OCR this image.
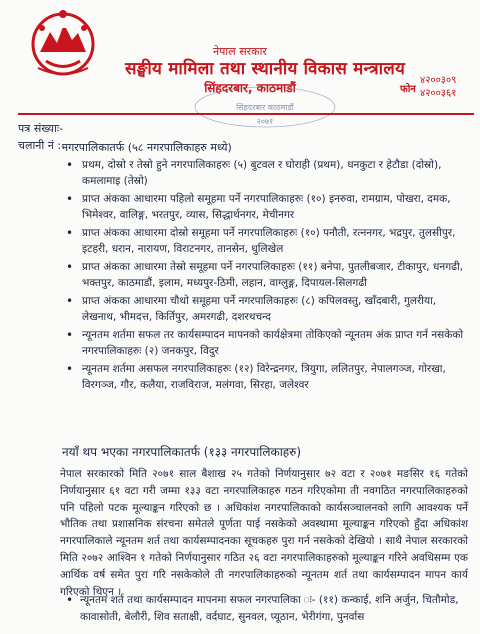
नेपाल सरकार
सङ्घीय मामिला तथा स्थानीय विकास मन्त्रालय
सिंहदरबार, काठमाडौं
सिंहदरबार काठमाडौं
२०७१
फोन
४२००३०९
४२००३६१
पत्र संख्याः-
चलानी नं :-
नगरपालिकातर्फ (५८ नगरपालिकाहरु मध्ये)
• प्रथम, दोस्रो र तेस्रो हुने नगरपालिकाहरुः (५) बुटवल र घोराही (प्रथम), धनकुटा र हेटौडा (दोस्रो), कमलामाइ (तेस्रो)
• प्राप्त अंकका आधारमा पहिलो समूहमा पर्ने नगरपालिकाहरुः (१०) इनरुवा, रामग्राम, पोखरा, दमक, भिमेश्वर, वालिङ्ग, भरतपुर, व्यास, सिद्धार्थनगर, मेचीनगर
• प्राप्त अंकका आधारमा दोस्रो समूहमा पर्ने नगरपालिकाहरुः (१०) पनौती, रत्ननगर, भद्रपुर, तुलसीपुर, इटहरी, धरान, नारायण, विराटनगर, तानसेन, धुलिखेल
• प्राप्त अंकका आधारमा तेस्रो समूहमा पर्ने नगरपालिकाहरुः (११) बनेपा, पुतलीबजार, टीकापुर, धनगढी, भक्तपुर, काठमाडौं, इलाम, मध्यपुर-ठिमी, लहान, वाग्लुङ्ग, दिपायल-सिलगढी
• प्राप्त अंकका आधारमा चौथो समूहमा पर्ने नगरपालिकाहरुः (८) कपिलवस्तु, खाँदबारी, गुलरीया, लेखनाथ, भीमदत्त, किर्तिपुर, अमरगढी, दशरथचन्द
• न्यूनतम शर्तमा सफल तर कार्यसम्पादन मापनको कार्यक्षेत्रमा तोकिएको न्यूनतम अंक प्राप्त गर्न नसकेको नगरपालिकाहरुः (२) जनकपुर, विदुर
• न्यूनतम शर्तमा असफल नगरपालिकाहरुः (१२) विरेन्द्रनगर, त्रियुगा, ललितपुर, नेपालगञ्ज, गोरखा, विरगञ्ज, गौर, कलैया, राजविराज, मलंगवा, सिरहा, जलेश्वर
नयाँ थप भएका नगरपालिकातर्फ (१३३ नगरपालिकाहरु)

नेपाल सरकारको मिति २०७१ साल बैशाख २५ गतेको निर्णयानुसार ७२ वटा र २०७१ मङसिर १६ गतेको निर्णयानुसार ६१ वटा गरी जम्मा १३३ वटा नगरपालिकाहरु गठन गरिएकोमा ती नवगठित नगरपालिकाहरुको पनि पहिलो पटक मूल्याङ्कन गरिएको छ । अधिकांश नगरपालिकाको कार्यसञ्चालनको लागि आवश्यक पर्ने भौतिक तथा प्रशासनिक संरचना समेतले पूर्णता पाई नसकेको अवस्थामा मूल्याङ्कन गरिएको हुँदा अधिकांश नगरपालिकाले न्यूनतम शर्त तथा कार्यसम्पादनका सूचकहरु पुरा गर्न नसकेको देखियो । साथै नेपाल सरकारको मिति २०७२ आश्विन १ गतेको निर्णयानुसार गठित २६ वटा नगरपालिकाहरुको मूल्याङ्कन गरिने अवधिसम्म एक आर्थिक वर्ष समेत पुरा गरि नसकेकोले ती नगरपालिकाहरुको न्यूनतम शर्त तथा कार्यसम्पादन मापन कार्य गरिएको थिएन ।

• न्यूनतम शर्त तथा कार्यसम्पादन मापनमा सफल नगरपालिका ः- (११) कन्काई, शनि अर्जुन, चितौमोड, कावासोती, बेलौरी, शिव सताक्षी, वर्दघाट, सुनवल, प्यूठान, भेरीगंगा, पुनर्वास
